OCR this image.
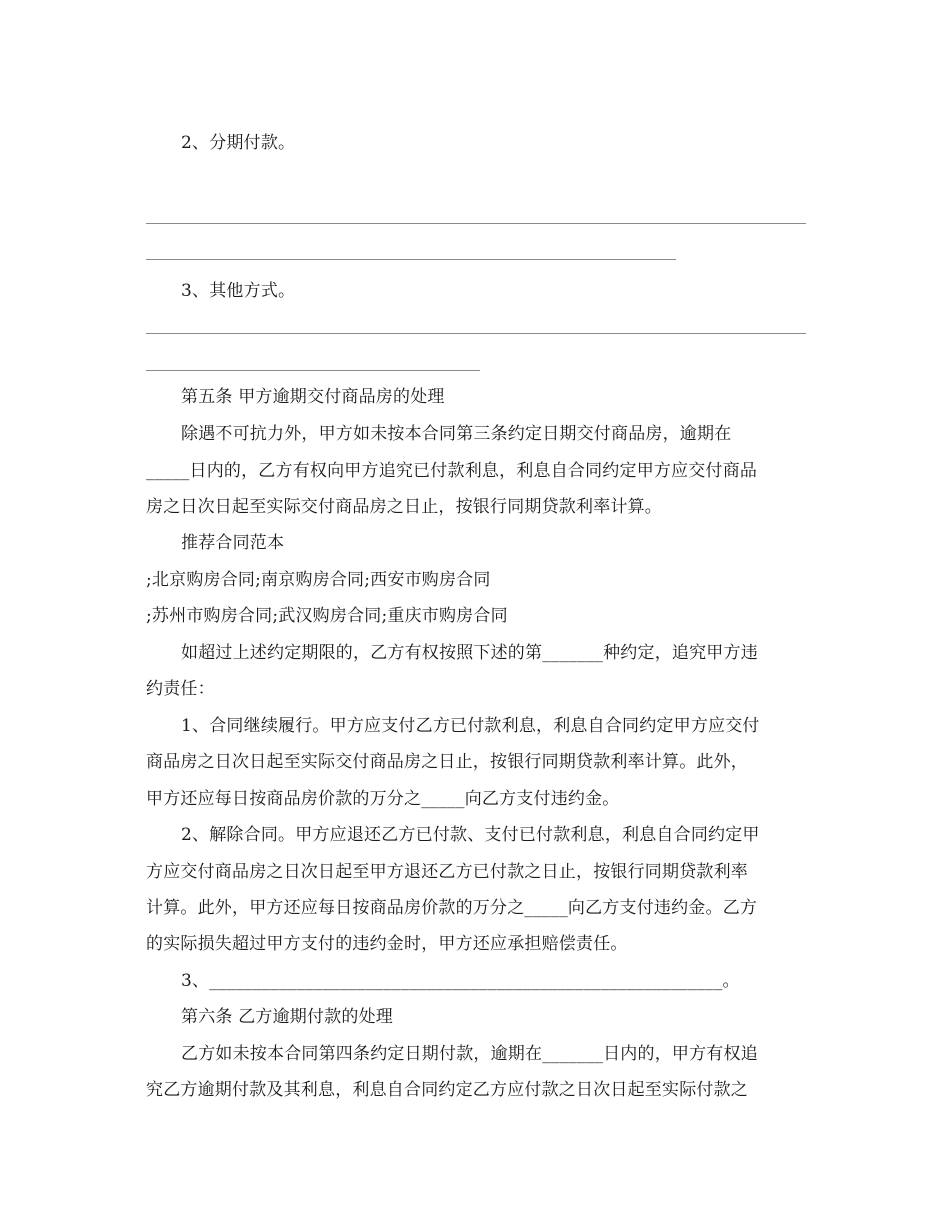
2、分期付款。
3、其他方式。
第五条 甲方逾期交付商品房的处理
除遇不可抗力外，甲方如未按本合同第三条约定日期交付商品房，逾期在
_____日内的，乙方有权向甲方追究已付款利息，利息自合同约定甲方应交付商品
房之日次日起至实际交付商品房之日止，按银行同期贷款利率计算。
推荐合同范本
;北京购房合同;南京购房合同;西安市购房合同
;苏州市购房合同;武汉购房合同;重庆市购房合同
如超过上述约定期限的，乙方有权按照下述的第_______种约定，追究甲方违
约责任：
1、合同继续履行。甲方应支付乙方已付款利息，利息自合同约定甲方应交付
商品房之日次日起至实际交付商品房之日止，按银行同期贷款利率计算。此外，
甲方还应每日按商品房价款的万分之_____向乙方支付违约金。
2、解除合同。甲方应退还乙方已付款、支付已付款利息，利息自合同约定甲
方应交付商品房之日次日起至甲方退还乙方已付款之日止，按银行同期贷款利率
计算。此外，甲方还应每日按商品房价款的万分之_____向乙方支付违约金。乙方
的实际损失超过甲方支付的违约金时，甲方还应承担赔偿责任。
3、___________________________________________________________。
第六条 乙方逾期付款的处理
乙方如未按本合同第四条约定日期付款，逾期在_______日内的，甲方有权追
究乙方逾期付款及其利息，利息自合同约定乙方应付款之日次日起至实际付款之
